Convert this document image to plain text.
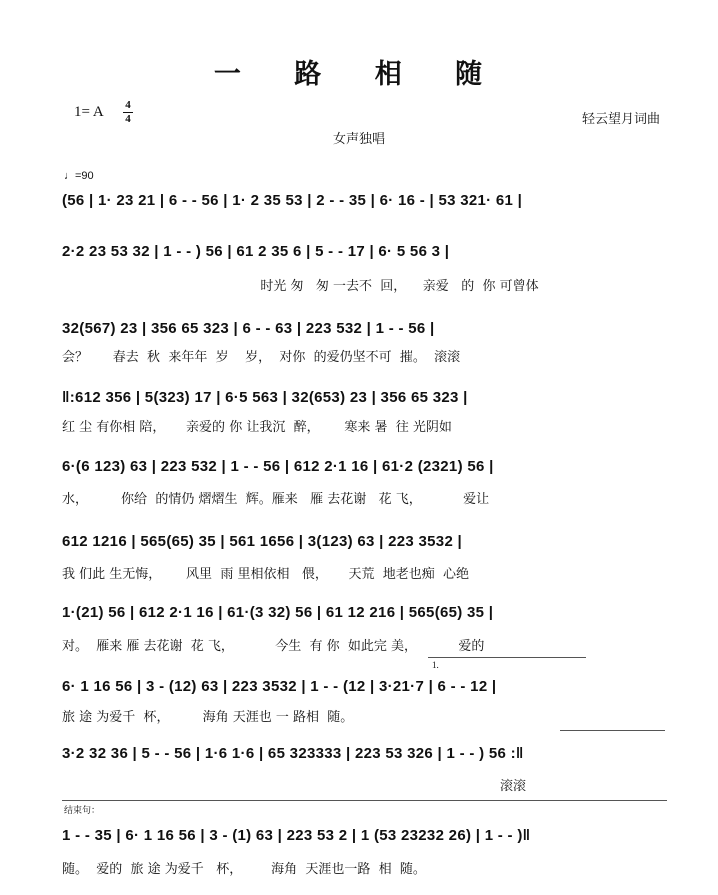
一 路 相 随
1= A 4
4	轻云望月词曲
女声独唱
♩=90
(56 | 1· 23 21 | 6 - - 56 | 1· 2 35 53 | 2 - - 35 | 6· 16 - | 53 321· 61 |
2·2 23 53 32 | 1 - - ) 56 | 61 2 35 6 | 5 - - 17 | 6· 5 56 3 |
时光 匆   匆 一去不  回，    亲爱   的  你 可曾体
32(567) 23 | 356 65 323 | 6 - - 63 | 223 532 | 1 - - 56 |
会？      春去  秋  来年年  岁    岁，  对你  的爱仍坚不可  摧。  滚滚
‖:612 356 | 5(323) 17 | 6·5 563 | 32(653) 23 | 356 65 323 |
红 尘 有你相 陪，     亲爱的 你 让我沉  醉，      寒来 暑  往 光阴如
6·(6 123) 63 | 223 532 | 1 - - 56 | 612 2·1 16 | 61·2 (2321) 56 |
水，        你给  的情仍 熠熠生  辉。雁来   雁 去花谢   花 飞，          爱让
612 1216 | 565(65) 35 | 561 1656 | 3(123) 63 | 223 3532 |
我 们此 生无悔，      风里  雨 里相依相   偎，     天荒  地老也痴  心绝
1·(21) 56 | 612 2·1 16 | 61·(3 32) 56 | 61 12 216 | 565(65) 35 |
对。  雁来 雁 去花谢  花 飞，          今生  有 你  如此完 美，          爱的
6· 1 16 56 | 3 - (12) 63 | 223 3532 | 1 - - (12 | 3·21·7 | 6 - - 12 |
旅 途 为爱千  杯，        海角 天涯也 一 路相  随。
1.
3·2 32 36 | 5 - - 56 | 1·6 1·6 | 65 323333 | 223 53 326 | 1 - - ) 56 :‖
滚滚
结束句：
1 - - 35 | 6· 1 16 56 | 3 - (1) 63 | 223 53 2 | 1 (53 23232 26) | 1 - - )‖
随。  爱的  旅 途 为爱千   杯，       海角  天涯也一路  相  随。
